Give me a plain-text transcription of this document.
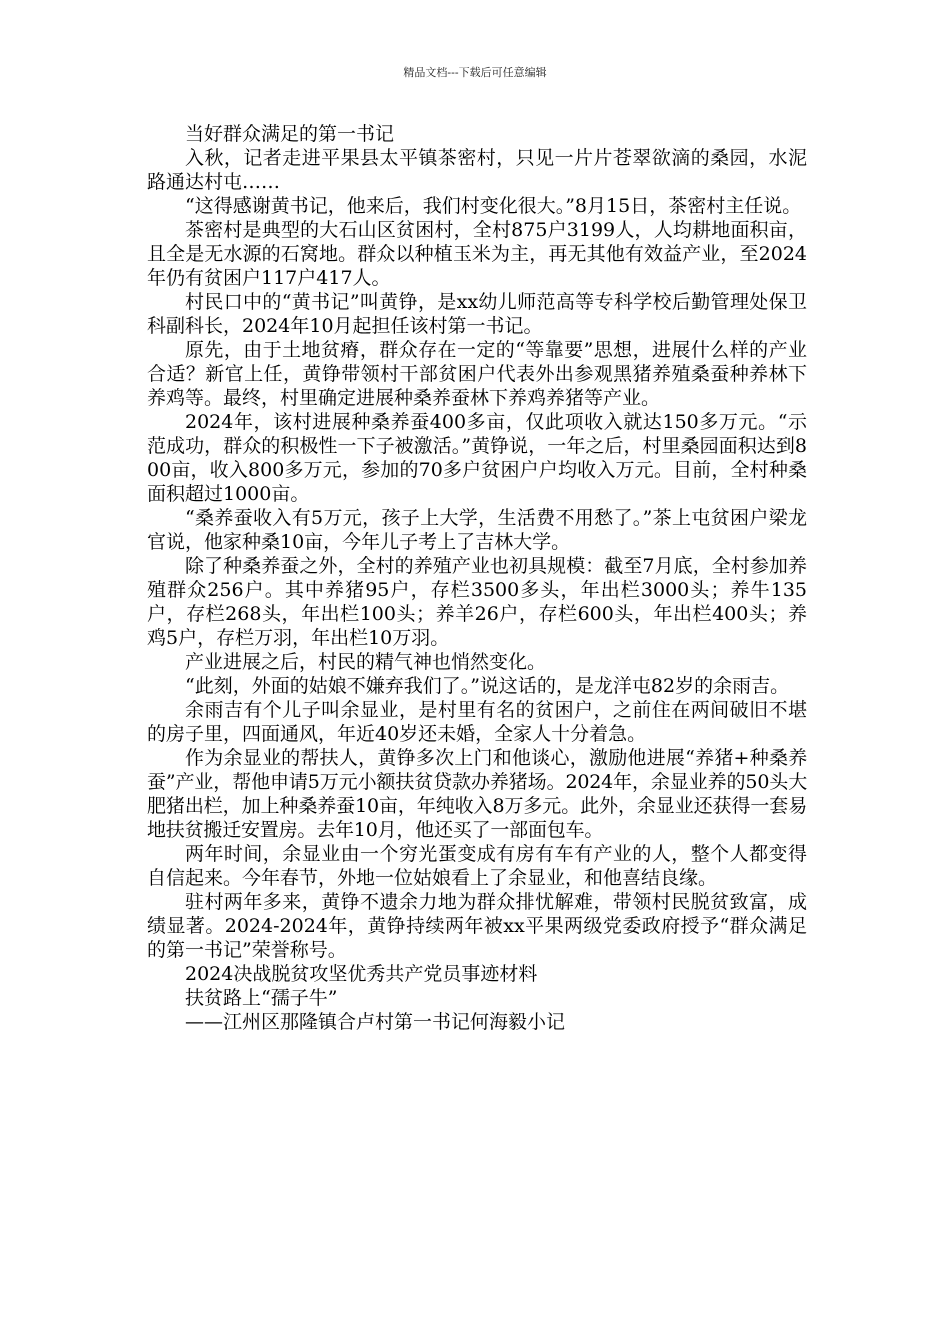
精品文档---下载后可任意编辑

当好群众满足的第一书记

入秋，记者走进平果县太平镇茶密村，只见一片片苍翠欲滴的桑园，水泥路通达村屯……

“这得感谢黄书记，他来后，我们村变化很大。”8月15日，茶密村主任说。

茶密村是典型的大石山区贫困村，全村875户3199人，人均耕地面积亩，且全是无水源的石窝地。群众以种植玉米为主，再无其他有效益产业，至2024年仍有贫困户117户417人。

村民口中的“黄书记”叫黄铮，是xx幼儿师范高等专科学校后勤管理处保卫科副科长，2024年10月起担任该村第一书记。

原先，由于土地贫瘠，群众存在一定的“等靠要”思想，进展什么样的产业合适？新官上任，黄铮带领村干部贫困户代表外出参观黑猪养殖桑蚕种养林下养鸡等。最终，村里确定进展种桑养蚕林下养鸡养猪等产业。

2024年，该村进展种桑养蚕400多亩，仅此项收入就达150多万元。“示范成功，群众的积极性一下子被激活。”黄铮说，一年之后，村里桑园面积达到800亩，收入800多万元，参加的70多户贫困户户均收入万元。目前，全村种桑面积超过1000亩。

“桑养蚕收入有5万元，孩子上大学，生活费不用愁了。”茶上屯贫困户梁龙官说，他家种桑10亩，今年儿子考上了吉林大学。

除了种桑养蚕之外，全村的养殖产业也初具规模：截至7月底，全村参加养殖群众256户。其中养猪95户，存栏3500多头，年出栏3000头；养牛135户，存栏268头，年出栏100头；养羊26户，存栏600头，年出栏400头；养鸡5户，存栏万羽，年出栏10万羽。

产业进展之后，村民的精气神也悄然变化。

“此刻，外面的姑娘不嫌弃我们了。”说这话的，是龙洋屯82岁的余雨吉。

余雨吉有个儿子叫余显业，是村里有名的贫困户，之前住在两间破旧不堪的房子里，四面通风，年近40岁还未婚，全家人十分着急。

作为余显业的帮扶人，黄铮多次上门和他谈心，激励他进展“养猪+种桑养蚕”产业，帮他申请5万元小额扶贫贷款办养猪场。2024年，余显业养的50头大肥猪出栏，加上种桑养蚕10亩，年纯收入8万多元。此外，余显业还获得一套易地扶贫搬迁安置房。去年10月，他还买了一部面包车。

两年时间，余显业由一个穷光蛋变成有房有车有产业的人，整个人都变得自信起来。今年春节，外地一位姑娘看上了余显业，和他喜结良缘。

驻村两年多来，黄铮不遗余力地为群众排忧解难，带领村民脱贫致富，成绩显著。2024-2024年，黄铮持续两年被xx平果两级党委政府授予“群众满足的第一书记”荣誉称号。

2024决战脱贫攻坚优秀共产党员事迹材料

扶贫路上“孺子牛”

——江州区那隆镇合卢村第一书记何海毅小记
